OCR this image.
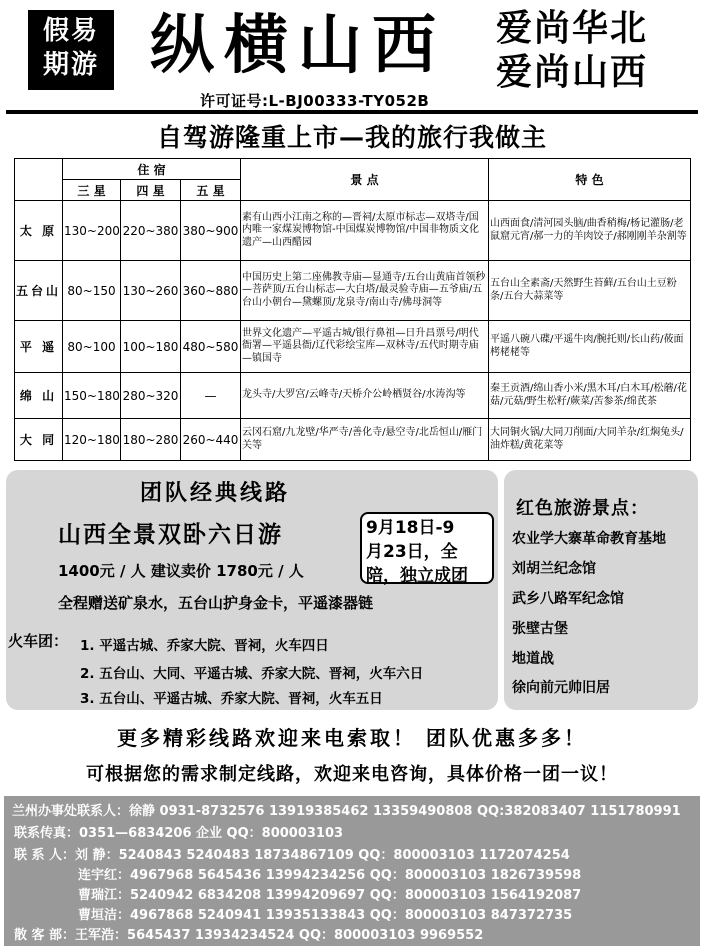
假易
期游 纵横山西	爱尚华北
爱尚山西
许可证号:L-BJ00333-TY052B
自驾游隆重上市—我的旅行我做主
	住 宿			景 点	特 色
	三 星	四 星	五 星		
太 原	130~200	220~380	380~900	素有山西小江南之称的—晋祠/太原市标志—双塔寺/国内唯一家煤炭博物馆-中国煤炭博物馆/中国非物质文化遗产—山西醋园	山西面食/清河园头脑/曲香稍梅/杨记灌肠/老鼠窟元宵/郝一力的羊肉饺子/郝刚刚羊杂割等
五台山	80~150	130~260	360~880	中国历史上第二座佛教寺庙—显通寺/五台山黄庙首领秒—菩萨顶/五台山标志—大白塔/最灵验寺庙—五爷庙/五台山小朝台—黛螺顶/龙泉寺/南山寺/佛母洞等	五台山全素斋/天然野生苔藓/五台山土豆粉条/五台大蒜菜等
平 遥	80~100	100~180	480~580	世界文化遗产—平遥古城/银行鼻祖—日升昌票号/明代衙署—平遥县衙/辽代彩绘宝库—双林寺/五代时期寺庙—镇国寺	平遥八碗八碟/平遥牛肉/腕托则/长山药/莜面栲栳栳等
绵 山	150~180	280~320	—	龙头寺/大罗宫/云峰寺/天桥介公岭栖贤谷/水涛沟等	秦王贡酒/绵山香小米/黑木耳/白木耳/松蘑/花菇/元菇/野生松籽/蕨菜/苦参茶/绵芪茶
大 同	120~180	180~280	260~440	云冈石窟/九龙壁/华严寺/善化寺/悬空寺/北岳恒山/雁门关等	大同铜火锅/大同刀削面/大同羊杂/红焖兔头/油炸糕/黄花菜等
团队经典线路
山西全景双卧六日游	9月18日-9
月23日，全
陪，独立成团
1400元 / 人 建议卖价 1780元 / 人
全程赠送矿泉水，五台山护身金卡，平遥漆器链
火车团： 1. 平遥古城、乔家大院、晋祠，火车四日
2. 五台山、大同、平遥古城、乔家大院、晋祠，火车六日
3. 五台山、平遥古城、乔家大院、晋祠，火车五日
红色旅游景点：
农业学大寨革命教育基地
刘胡兰纪念馆
武乡八路军纪念馆
张壁古堡
地道战
徐向前元帅旧居
更多精彩线路欢迎来电索取！ 团队优惠多多！
可根据您的需求制定线路，欢迎来电咨询，具体价格一团一议！
兰州办事处联系人：徐静 0931-8732576 13919385462 13359490808 QQ:382083407 1151780991
联系传真：0351—6834206 企业 QQ：800003103
联 系 人：刘 静：5240843 5240483 18734867109 QQ：800003103 1172074254
连宇红：4967968 5645436 13994234256 QQ：800003103 1826739598
曹瑞江：5240942 6834208 13994209697 QQ：800003103 1564192087
曹垣洁：4967868 5240941 13935133843 QQ：800003103 847372735
散 客 部：王军浩：5645437 13934234524 QQ：800003103 9969552
